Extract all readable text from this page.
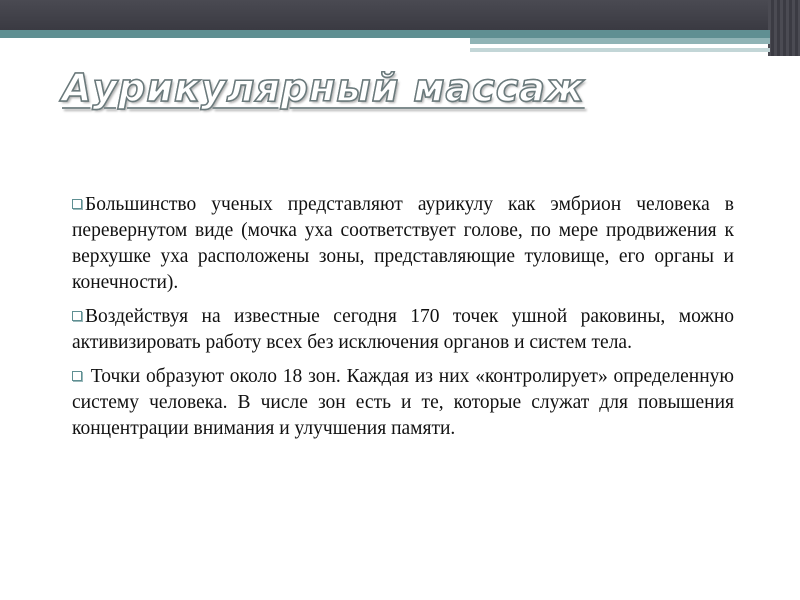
Аурикулярный массаж

Большинство ученых представляют аурикулу как эмбрион человека в перевернутом виде (мочка уха соответствует голове, по мере продвижения к верхушке уха расположены зоны, представляющие туловище, его органы и конечности).

Воздействуя на известные сегодня 170 точек ушной раковины, можно активизировать работу всех без исключения органов и систем тела.

Точки образуют около 18 зон. Каждая из них «контролирует» определенную систему человека. В числе зон есть и те, которые служат для повышения концентрации внимания и улучшения памяти.
